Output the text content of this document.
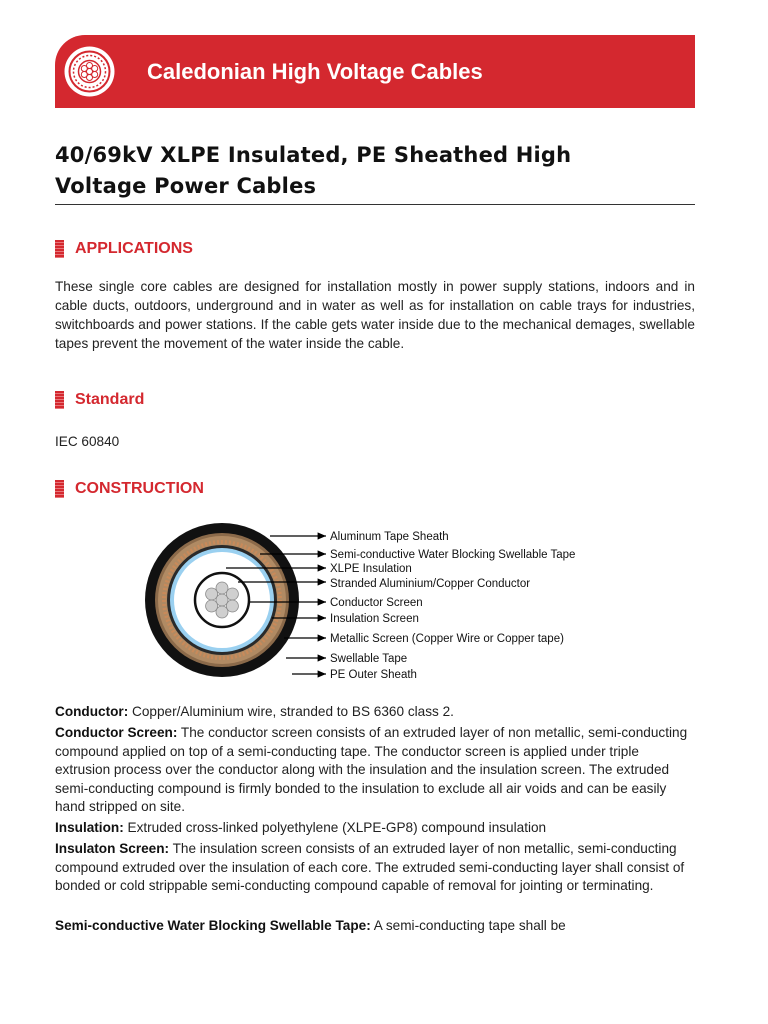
Caledonian High Voltage Cables
40/69kV XLPE Insulated, PE Sheathed High
Voltage Power Cables
APPLICATIONS
These single core cables are designed for installation mostly in power supply stations, indoors and in cable ducts, outdoors, underground and in water as well as for installation on cable trays for industries, switchboards and power stations. If the cable gets water inside due to the mechanical demages, swellable tapes prevent the movement of the water inside the cable.
Standard
IEC 60840
CONSTRUCTION
Aluminum Tape Sheath
Semi-conductive Water Blocking Swellable Tape
XLPE Insulation
Stranded Aluminium/Copper Conductor
Conductor Screen
Insulation Screen
Metallic Screen (Copper Wire or Copper tape)
Swellable Tape
PE Outer Sheath
Conductor: Copper/Aluminium wire, stranded to BS 6360 class 2.
Conductor Screen: The conductor screen consists of an extruded layer of non metallic, semi-conducting compound applied on top of a semi-conducting tape. The conductor screen is applied under triple extrusion process over the conductor along with the insulation and the insulation screen. The extruded semi-conducting compound is firmly bonded to the insulation to exclude all air voids and can be easily hand stripped on site.
Insulation: Extruded cross-linked polyethylene (XLPE-GP8) compound insulation
Insulaton Screen: The insulation screen consists of an extruded layer of non metallic, semi-conducting compound extruded over the insulation of each core. The extruded semi-conducting layer shall consist of bonded or cold strippable semi-conducting compound capable of removal for jointing or terminating.
Semi-conductive Water Blocking Swellable Tape: A semi-conducting tape shall be
